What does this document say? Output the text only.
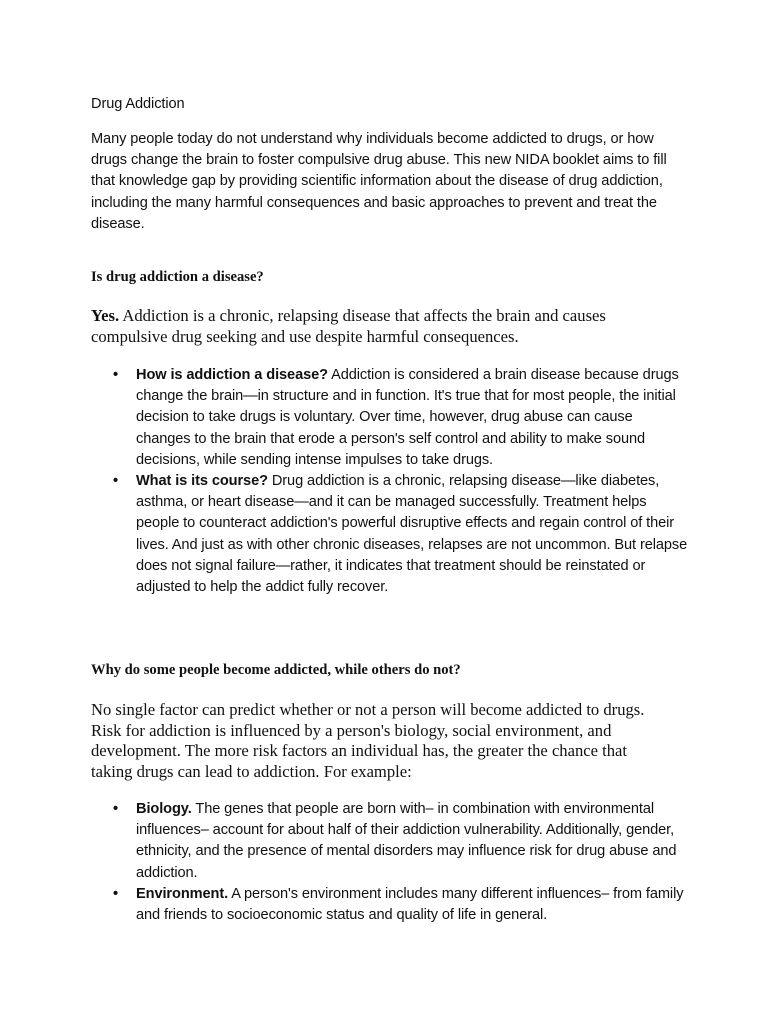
Drug Addiction

Many people today do not understand why individuals become addicted to drugs, or how drugs change the brain to foster compulsive drug abuse. This new NIDA booklet aims to fill that knowledge gap by providing scientific information about the disease of drug addiction, including the many harmful consequences and basic approaches to prevent and treat the disease.

Is drug addiction a disease?

Yes. Addiction is a chronic, relapsing disease that affects the brain and causes compulsive drug seeking and use despite harmful consequences.

• How is addiction a disease? Addiction is considered a brain disease because drugs change the brain—in structure and in function. It's true that for most people, the initial decision to take drugs is voluntary. Over time, however, drug abuse can cause changes to the brain that erode a person's self control and ability to make sound decisions, while sending intense impulses to take drugs.
• What is its course? Drug addiction is a chronic, relapsing disease—like diabetes, asthma, or heart disease—and it can be managed successfully. Treatment helps people to counteract addiction's powerful disruptive effects and regain control of their lives. And just as with other chronic diseases, relapses are not uncommon. But relapse does not signal failure—rather, it indicates that treatment should be reinstated or adjusted to help the addict fully recover.
Why do some people become addicted, while others do not?

No single factor can predict whether or not a person will become addicted to drugs. Risk for addiction is influenced by a person's biology, social environment, and development. The more risk factors an individual has, the greater the chance that taking drugs can lead to addiction. For example:

• Biology. The genes that people are born with– in combination with environmental influences– account for about half of their addiction vulnerability. Additionally, gender, ethnicity, and the presence of mental disorders may influence risk for drug abuse and addiction.
• Environment. A person's environment includes many different influences– from family and friends to socioeconomic status and quality of life in general.
